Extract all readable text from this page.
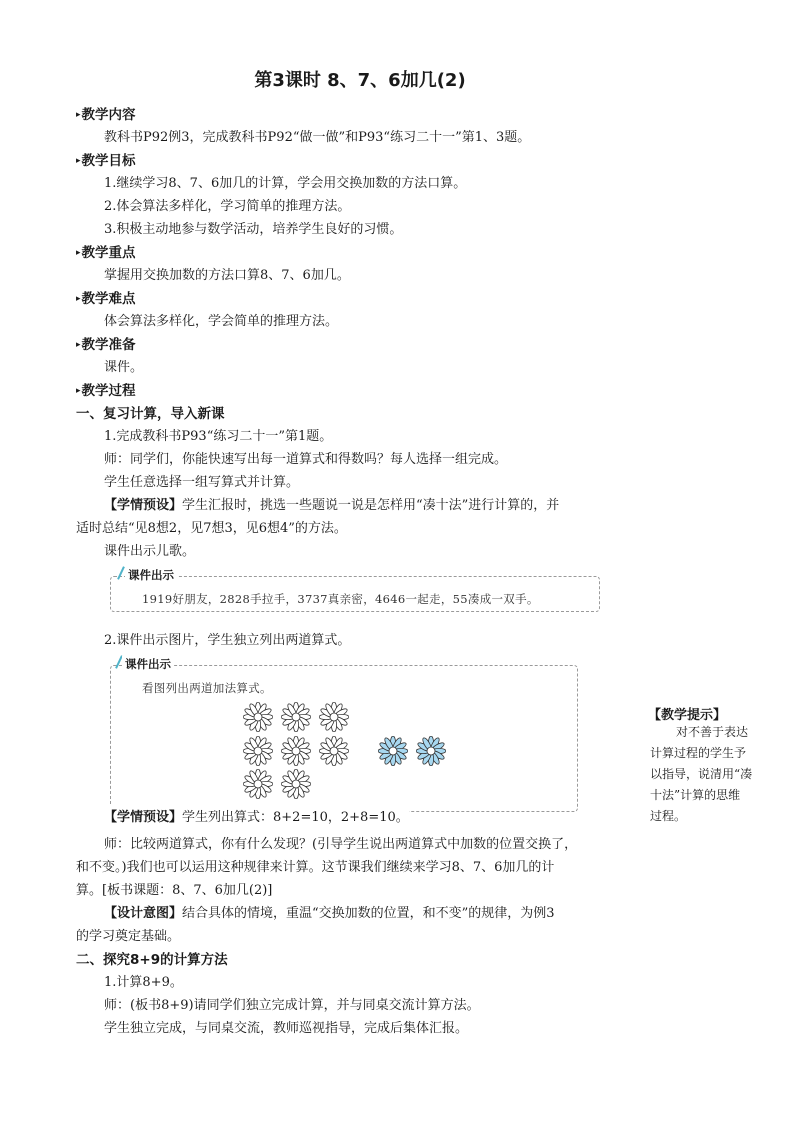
第3课时 8、7、6加几(2)
▸教学内容
教科书P92例3，完成教科书P92“做一做”和P93“练习二十一”第1、3题。
▸教学目标
1.继续学习8、7、6加几的计算，学会用交换加数的方法口算。
2.体会算法多样化，学习简单的推理方法。
3.积极主动地参与数学活动，培养学生良好的习惯。
▸教学重点
掌握用交换加数的方法口算8、7、6加几。
▸教学难点
体会算法多样化，学会简单的推理方法。
▸教学准备
课件。
▸教学过程
一、复习计算，导入新课
1.完成教科书P93“练习二十一”第1题。
师：同学们，你能快速写出每一道算式和得数吗？每人选择一组完成。
学生任意选择一组写算式并计算。
【学情预设】学生汇报时，挑选一些题说一说是怎样用“凑十法”进行计算的，并
适时总结“见8想2，见7想3，见6想4”的方法。
课件出示儿歌。
课件出示
1919好朋友，2828手拉手，3737真亲密，4646一起走，55凑成一双手。
2.课件出示图片，学生独立列出两道算式。
课件出示
看图列出两道加法算式。
【学情预设】学生列出算式：8+2=10，2+8=10。
师：比较两道算式，你有什么发现？(引导学生说出两道算式中加数的位置交换了，
和不变。)我们也可以运用这种规律来计算。这节课我们继续来学习8、7、6加几的计
算。[板书课题：8、7、6加几(2)]
【设计意图】结合具体的情境，重温“交换加数的位置，和不变”的规律，为例3
的学习奠定基础。
二、探究8+9的计算方法
1.计算8+9。
师：(板书8+9)请同学们独立完成计算，并与同桌交流计算方法。
学生独立完成，与同桌交流，教师巡视指导，完成后集体汇报。
【教学提示】
对不善于表达
计算过程的学生予
以指导，说清用“凑
十法”计算的思维
过程。
